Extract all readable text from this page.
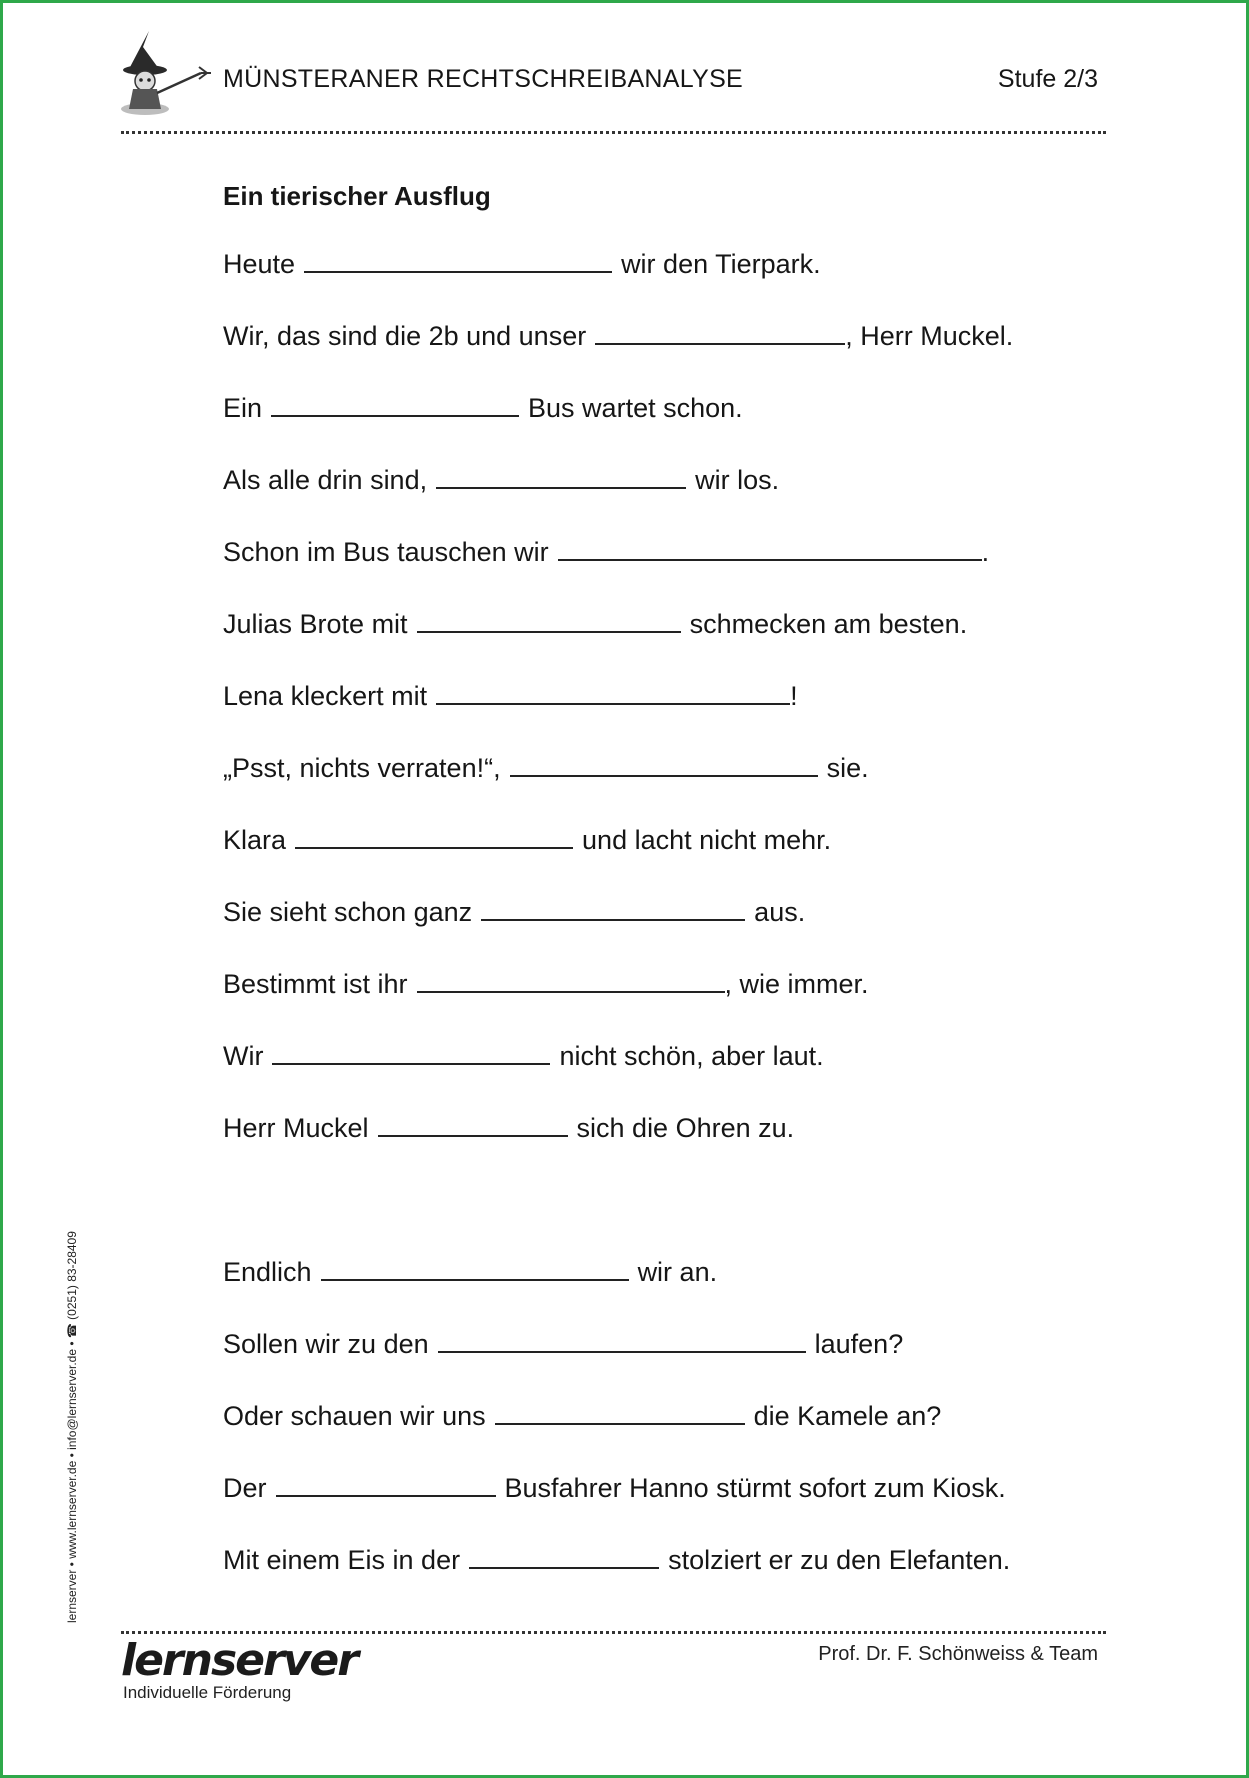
MÜNSTERANER RECHTSCHREIBANALYSE	Stufe 2/3
Ein tierischer Ausflug
Heute	wir den Tierpark.
Wir, das sind die 2b und unser	, Herr Muckel.
Ein	Bus wartet schon.
Als alle drin sind,	wir los.
Schon im Bus tauschen wir	.
Julias Brote mit	schmecken am besten.
Lena kleckert mit	!
„Psst, nichts verraten!“,	sie.
Klara	und lacht nicht mehr.
Sie sieht schon ganz	aus.
Bestimmt ist ihr	, wie immer.
Wir	nicht schön, aber laut.
Herr Muckel	sich die Ohren zu.
Endlich	wir an.
Sollen wir zu den	laufen?
Oder schauen wir uns	die Kamele an?
Der	Busfahrer Hanno stürmt sofort zum Kiosk.
Mit einem Eis in der	stolziert er zu den Elefanten.
lernserver • www.lernserver.de • info@lernserver.de • ☎ (0251) 83-28409
lernserver
Individuelle Förderung
Prof. Dr. F. Schönweiss & Team
